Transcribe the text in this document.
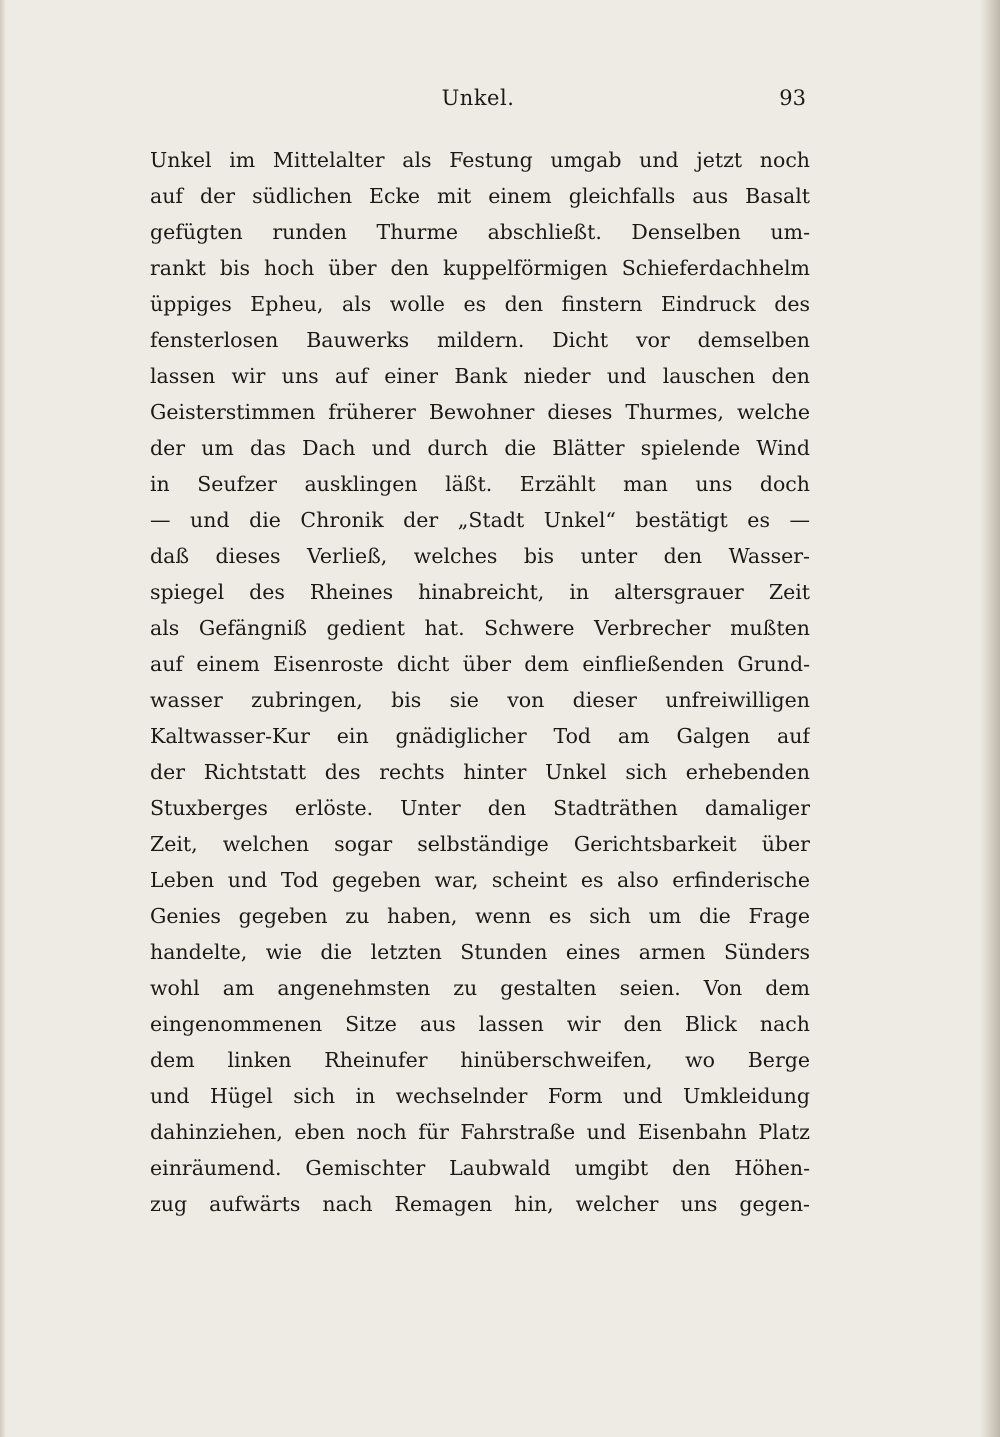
Unkel.	93

Unkel im Mittelalter als Festung umgab und jetzt noch
auf der südlichen Ecke mit einem gleichfalls aus Basalt
gefügten runden Thurme abschließt. Denselben um-
rankt bis hoch über den kuppelförmigen Schieferdachhelm
üppiges Epheu, als wolle es den finstern Eindruck des
fensterlosen Bauwerks mildern. Dicht vor demselben
lassen wir uns auf einer Bank nieder und lauschen den
Geisterstimmen früherer Bewohner dieses Thurmes, welche
der um das Dach und durch die Blätter spielende Wind
in Seufzer ausklingen läßt. Erzählt man uns doch
— und die Chronik der „Stadt Unkel“ bestätigt es —
daß dieses Verließ, welches bis unter den Wasser-
spiegel des Rheines hinabreicht, in altersgrauer Zeit
als Gefängniß gedient hat. Schwere Verbrecher mußten
auf einem Eisenroste dicht über dem einfließenden Grund-
wasser zubringen, bis sie von dieser unfreiwilligen
Kaltwasser-Kur ein gnädiglicher Tod am Galgen auf
der Richtstatt des rechts hinter Unkel sich erhebenden
Stuxberges erlöste. Unter den Stadträthen damaliger
Zeit, welchen sogar selbständige Gerichtsbarkeit über
Leben und Tod gegeben war, scheint es also erfinderische
Genies gegeben zu haben, wenn es sich um die Frage
handelte, wie die letzten Stunden eines armen Sünders
wohl am angenehmsten zu gestalten seien. Von dem
eingenommenen Sitze aus lassen wir den Blick nach
dem linken Rheinufer hinüberschweifen, wo Berge
und Hügel sich in wechselnder Form und Umkleidung
dahinziehen, eben noch für Fahrstraße und Eisenbahn Platz
einräumend. Gemischter Laubwald umgibt den Höhen-
zug aufwärts nach Remagen hin, welcher uns gegen-
